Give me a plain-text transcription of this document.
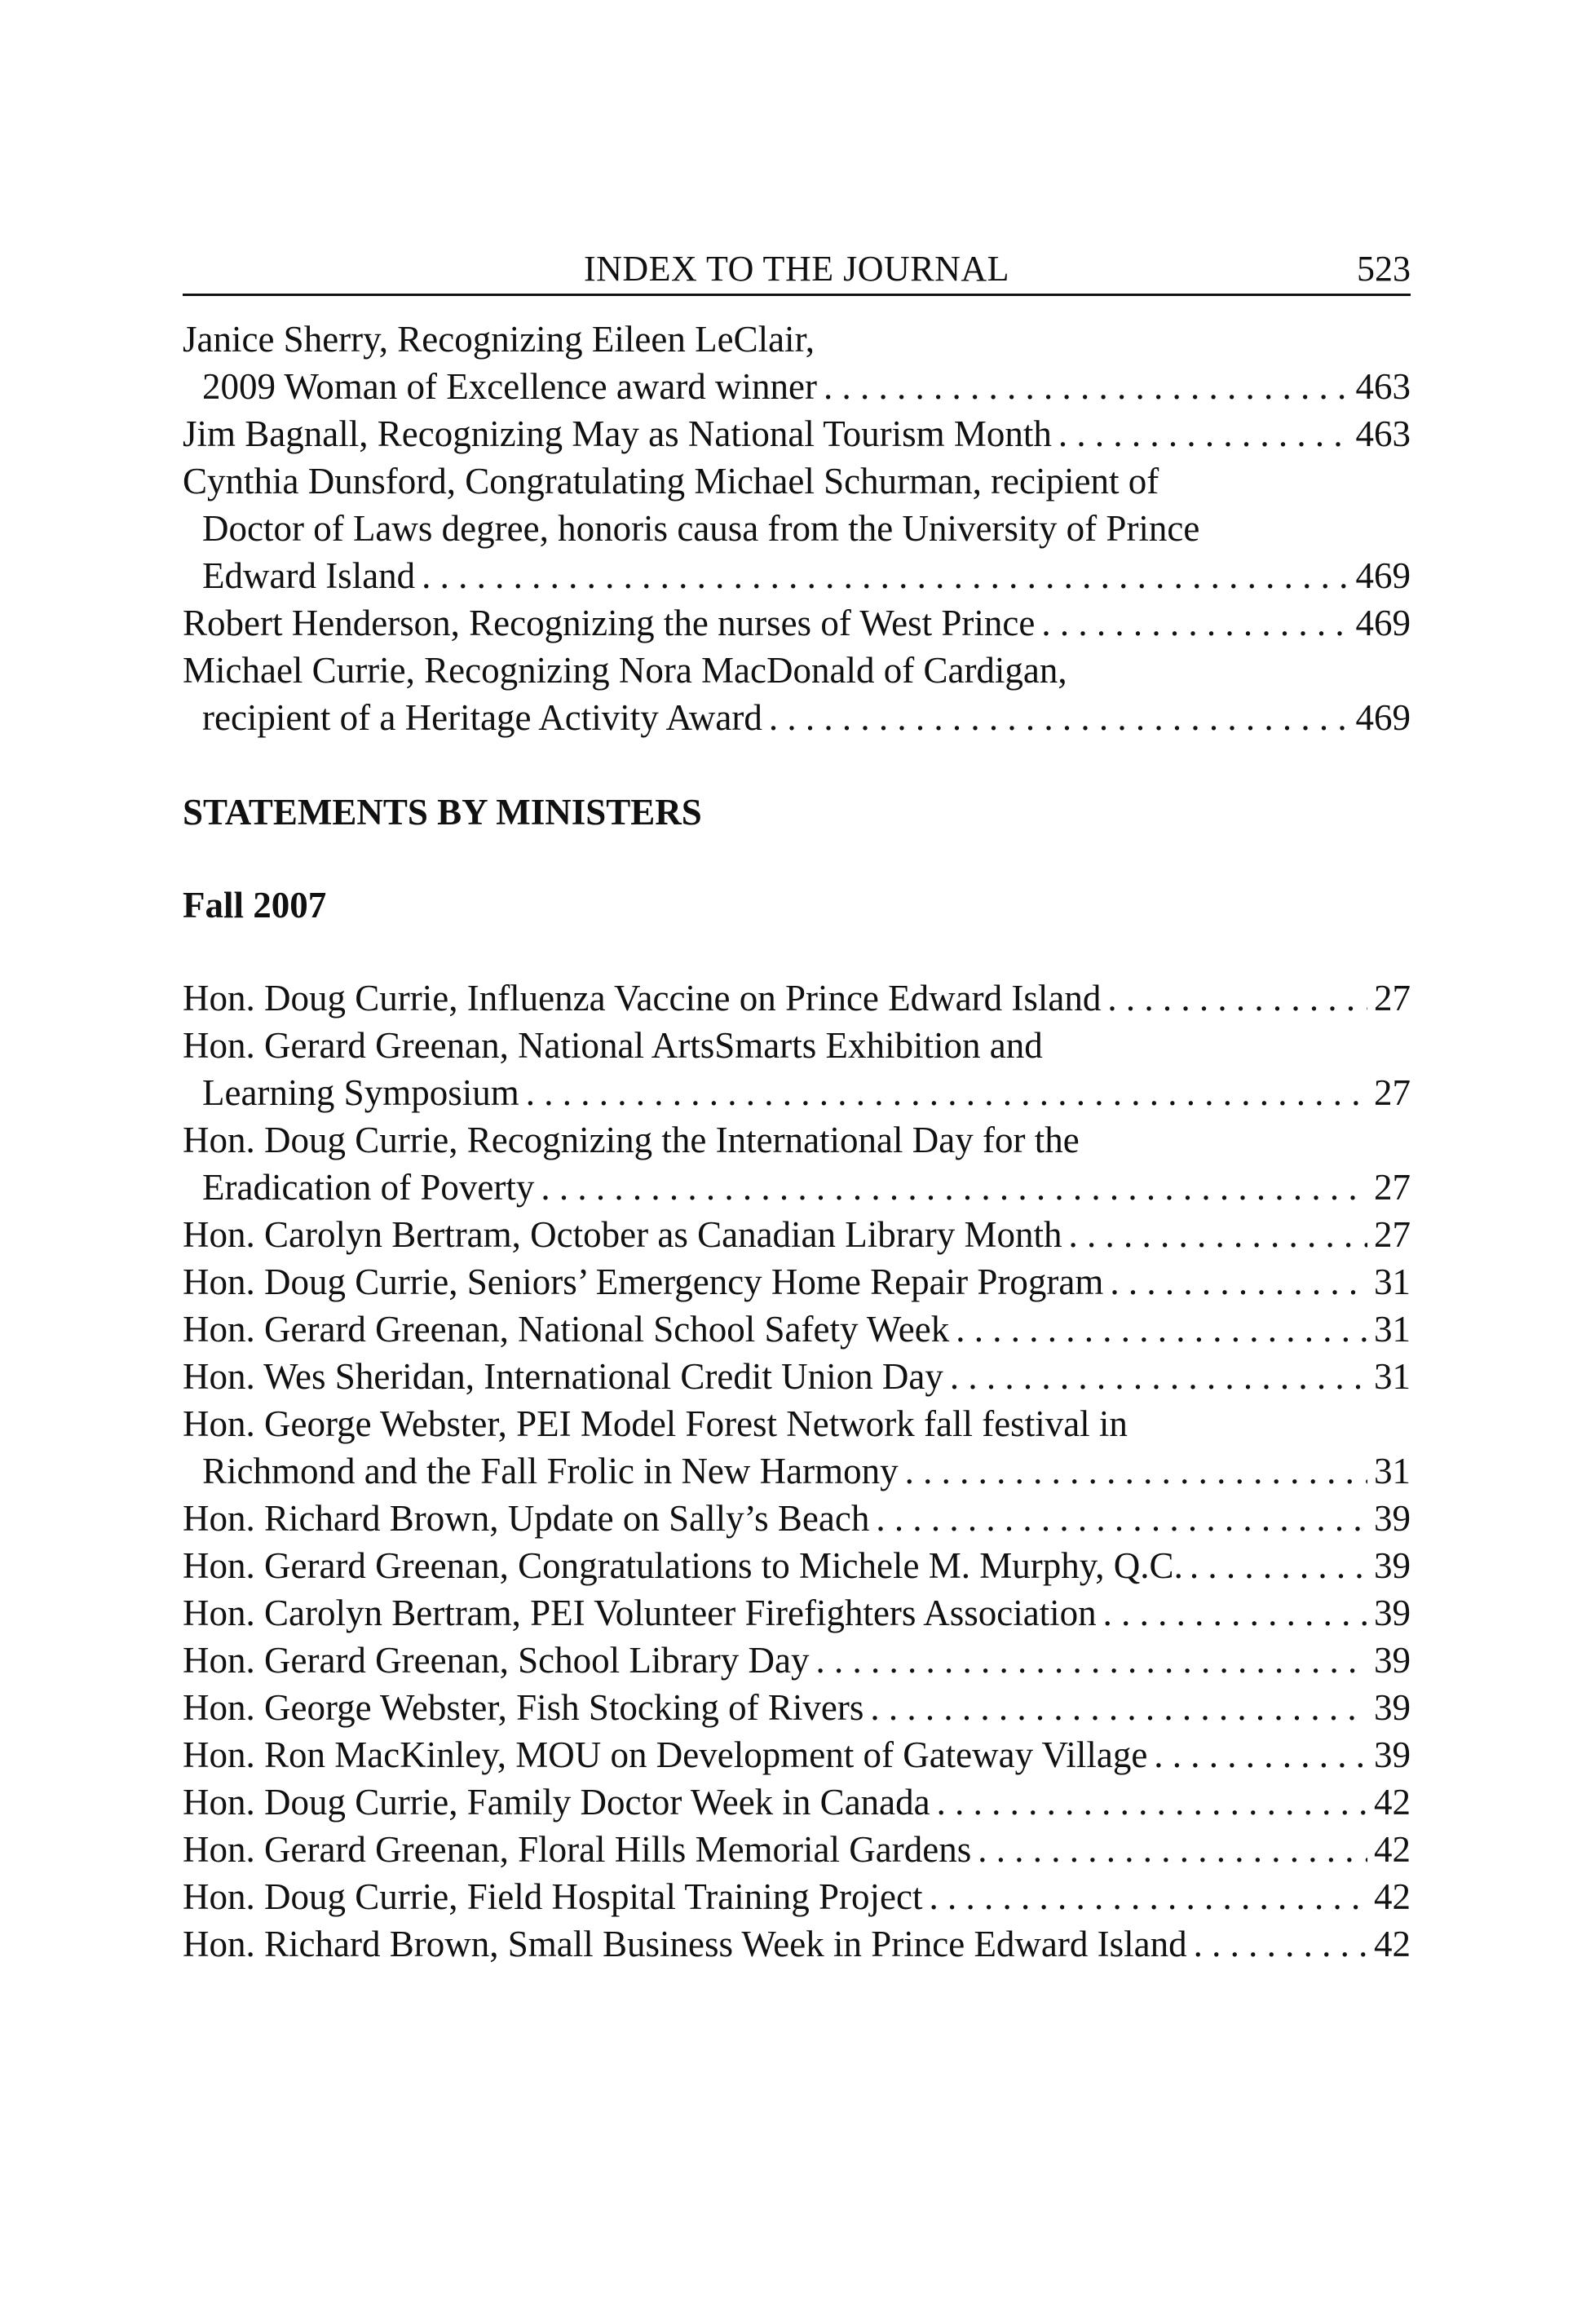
INDEX TO THE JOURNAL	523
Janice Sherry, Recognizing Eileen LeClair,
2009 Woman of Excellence award winner . . .	463
Jim Bagnall, Recognizing May as National Tourism Month . . .	463
Cynthia Dunsford, Congratulating Michael Schurman, recipient of
Doctor of Laws degree, honoris causa from the University of Prince
Edward Island . . .	469
Robert Henderson, Recognizing the nurses of West Prince . . .	469
Michael Currie, Recognizing Nora MacDonald of Cardigan,
recipient of a Heritage Activity Award . . .	469
STATEMENTS BY MINISTERS
Fall 2007
Hon. Doug Currie, Influenza Vaccine on Prince Edward Island . . .	27
Hon. Gerard Greenan, National ArtsSmarts Exhibition and
Learning Symposium . . .	27
Hon. Doug Currie, Recognizing the International Day for the
Eradication of Poverty . . .	27
Hon. Carolyn Bertram, October as Canadian Library Month . . .	27
Hon. Doug Currie, Seniors’ Emergency Home Repair Program . . .	31
Hon. Gerard Greenan, National School Safety Week . . .	31
Hon. Wes Sheridan, International Credit Union Day . . .	31
Hon. George Webster, PEI Model Forest Network fall festival in
Richmond and the Fall Frolic in New Harmony . . .	31
Hon. Richard Brown, Update on Sally’s Beach . . .	39
Hon. Gerard Greenan, Congratulations to Michele M. Murphy, Q.C. . . .	39
Hon. Carolyn Bertram, PEI Volunteer Firefighters Association . . .	39
Hon. Gerard Greenan, School Library Day . . .	39
Hon. George Webster, Fish Stocking of Rivers . . .	39
Hon. Ron MacKinley, MOU on Development of Gateway Village . . .	39
Hon. Doug Currie, Family Doctor Week in Canada . . .	42
Hon. Gerard Greenan, Floral Hills Memorial Gardens . . .	42
Hon. Doug Currie, Field Hospital Training Project . . .	42
Hon. Richard Brown, Small Business Week in Prince Edward Island . . .	42
